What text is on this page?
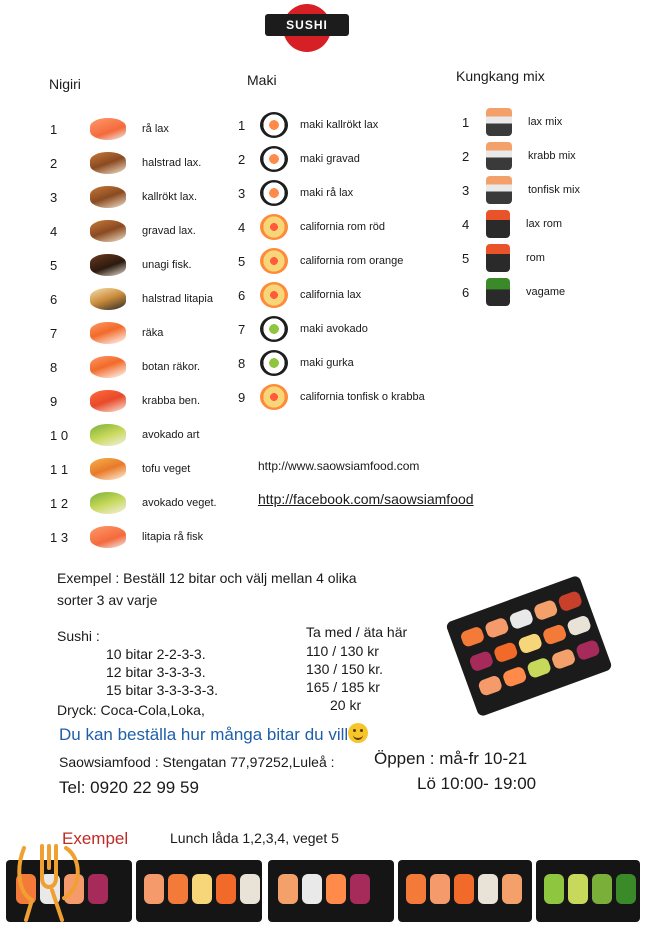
SUSHI
Nigiri	Maki	Kungkang mix
1	rå lax
2	halstrad lax.
3	kallrökt lax.
4	gravad lax.
5	unagi fisk.
6	halstrad litapia
7	räka
8	botan räkor.
9	krabba ben.
1 0	avokado art
1 1	tofu veget
1 2	avokado veget.
1 3	litapia rå fisk
1	maki kallrökt lax
2	maki gravad
3	maki rå lax
4	california rom röd
5	california rom orange
6	california lax
7	maki avokado
8	maki gurka
9	california tonfisk o krabba
1	lax mix
2	krabb mix
3	tonfisk mix
4	lax rom
5	rom
6	vagame
http://www.saowsiamfood.com
http://facebook.com/saowsiamfood
Exempel : Beställ 12 bitar och välj mellan 4 olika
sorter 3 av varje
Sushi :	Ta med / äta här
10 bitar 2-2-3-3.	110 / 130 kr
12 bitar 3-3-3-3.	130 / 150 kr.
15 bitar 3-3-3-3-3.	165 / 185 kr
Dryck: Coca-Cola,Loka,	20 kr
Du kan beställa hur många bitar du vill
Saowsiamfood : Stengatan 77,97252,Luleå : Öppen : må-fr 10-21
Tel: 0920 22 99 59	Lö 10:00- 19:00
Exempel	Lunch låda 1,2,3,4, veget 5
